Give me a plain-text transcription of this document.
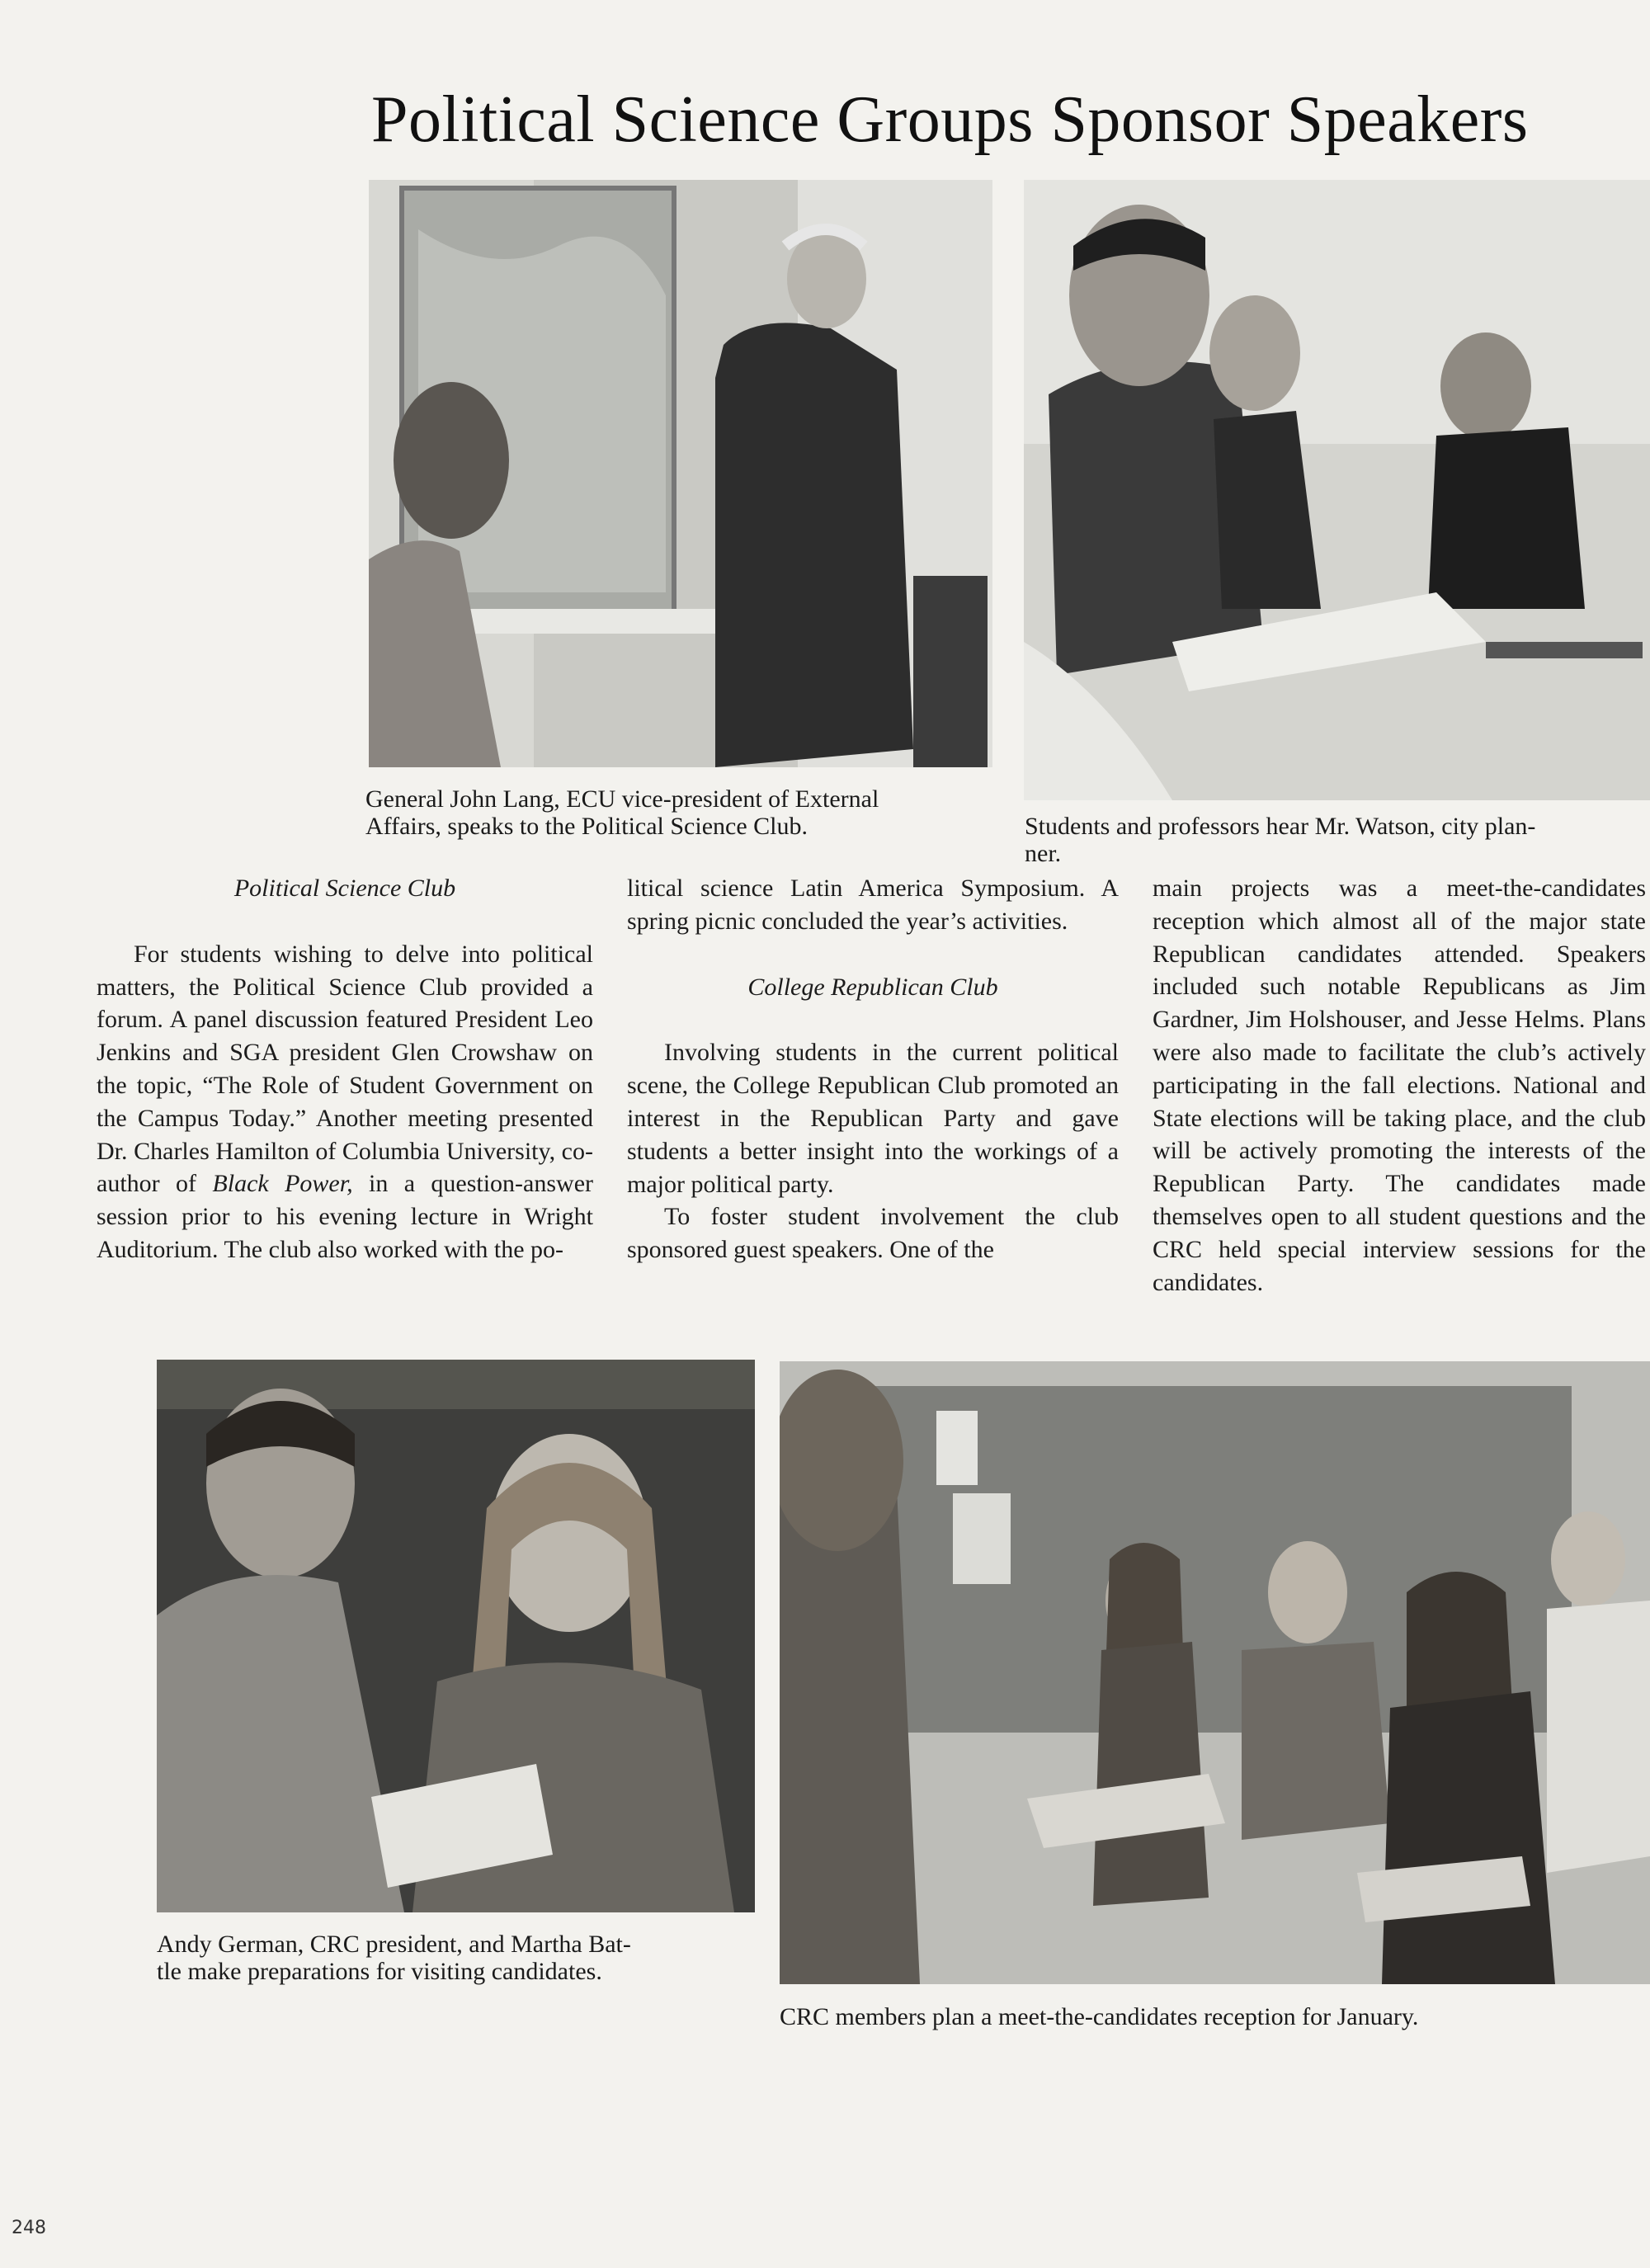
Political Science Groups Sponsor Speakers
General John Lang, ECU vice-president of External
Affairs, speaks to the Political Science Club.	Students and professors hear Mr. Watson, city plan-
ner.
Political Science Club

For students wishing to delve into political matters, the Political Science Club provided a forum. A panel discussion featured President Leo Jenkins and SGA president Glen Crowshaw on the topic, “The Role of Student Government on the Campus Today.” Another meeting presented Dr. Charles Hamilton of Columbia University, co-author of Black Power, in a question-answer session prior to his evening lecture in Wright Auditorium. The club also worked with the po-

litical science Latin America Symposium. A spring picnic concluded the year’s activities.

College Republican Club

Involving students in the current political scene, the College Republican Club promoted an interest in the Republican Party and gave students a better insight into the workings of a major political party.

To foster student involvement the club sponsored guest speakers. One of the

main projects was a meet-the-candidates reception which almost all of the major state Republican candidates attended. Speakers included such notable Republicans as Jim Gardner, Jim Holshouser, and Jesse Helms. Plans were also made to facilitate the club’s actively participating in the fall elections. National and State elections will be taking place, and the club will be actively promoting the interests of the Republican Party. The candidates made themselves open to all student questions and the CRC held special interview sessions for the candidates.

Andy German, CRC president, and Martha Bat-
tle make preparations for visiting candidates.
CRC members plan a meet-the-candidates reception for January.
248
